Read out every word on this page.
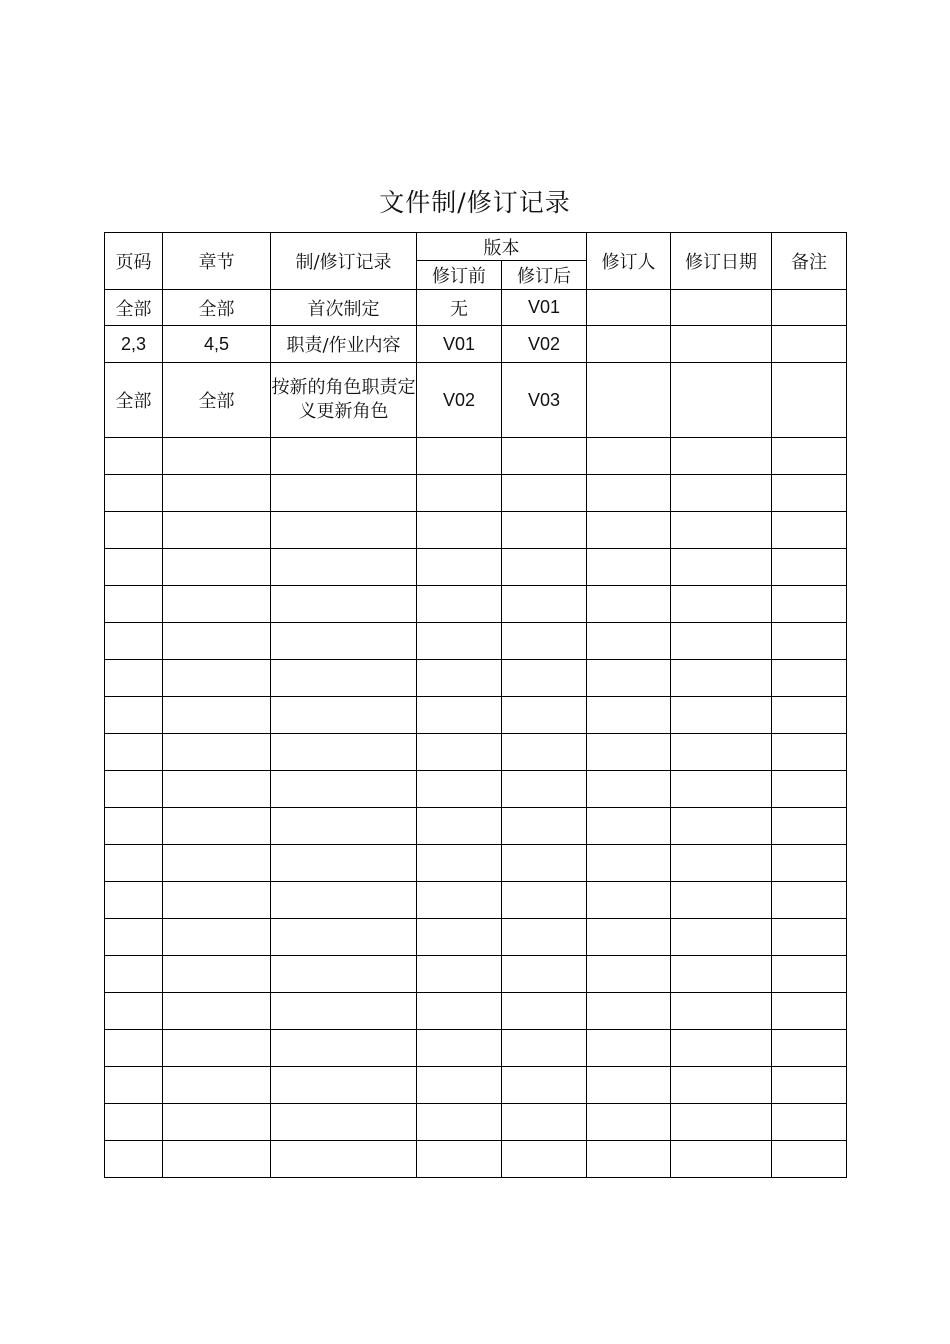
文件制/修订记录
页码	章节	制/修订记录	版本		修订人	修订日期	备注
			修订前	修订后			
全部	全部	首次制定	无	V01			
2,3	4,5	职责/作业内容	V01	V02			
全部	全部	按新的角色职责定义更新角色	V02	V03			
